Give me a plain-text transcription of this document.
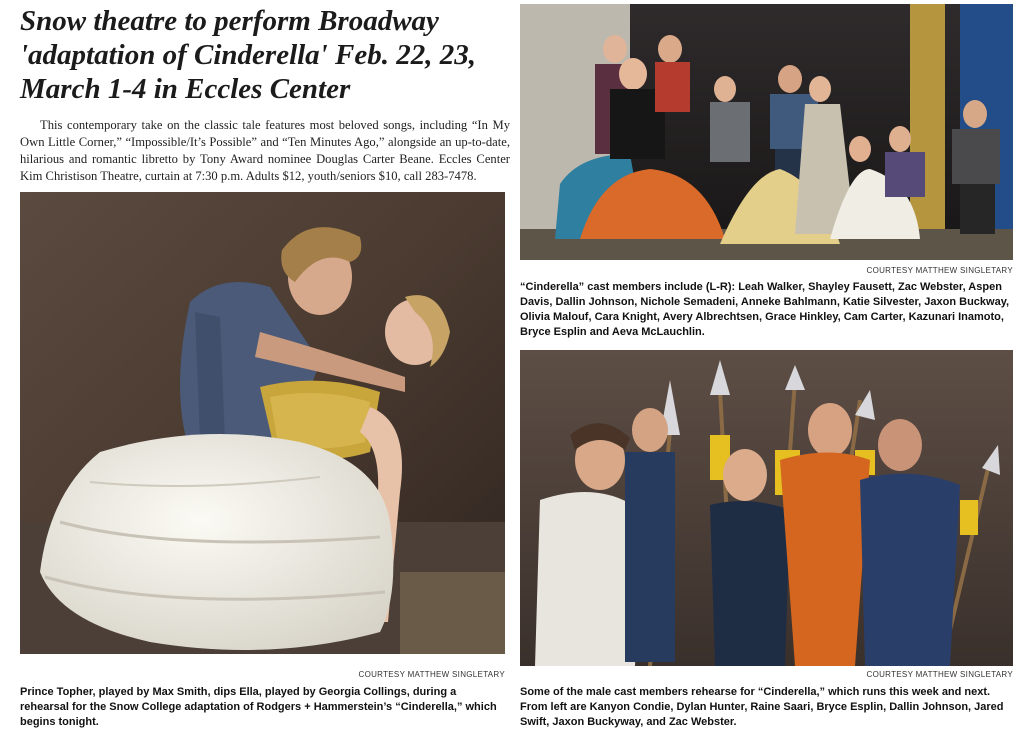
Snow theatre to perform Broadway 'adaptation of Cinderella' Feb. 22, 23, March 1-4 in Eccles Center

This contemporary take on the classic tale features most beloved songs, including “In My Own Little Corner,” “Impossible/It’s Possible” and “Ten Minutes Ago,” alongside an up-to-date, hilarious and romantic libretto by Tony Award nominee Douglas Carter Beane. Eccles Center Kim Christison Theatre, curtain at 7:30 p.m. Adults $12, youth/seniors $10, call 283-7478.

COURTESY MATTHEW SINGLETARY

Prince Topher, played by Max Smith, dips Ella, played by Georgia Collings, during a rehearsal for the Snow College adaptation of Rodgers + Hammerstein’s “Cinderella,” which begins tonight.

COURTESY MATTHEW SINGLETARY

“Cinderella” cast members include (L-R): Leah Walker, Shayley Fausett, Zac Webster, Aspen Davis, Dallin Johnson, Nichole Semadeni, Anneke Bahlmann, Katie Silvester, Jaxon Buckway, Olivia Malouf, Cara Knight, Avery Albrechtsen, Grace Hinkley, Cam Carter, Kazunari Inamoto, Bryce Esplin and Aeva McLauchlin.

COURTESY MATTHEW SINGLETARY

Some of the male cast members rehearse for “Cinderella,” which runs this week and next. From left are Kanyon Condie, Dylan Hunter, Raine Saari, Bryce Esplin, Dallin Johnson, Jared Swift, Jaxon Buckyway, and Zac Webster.
